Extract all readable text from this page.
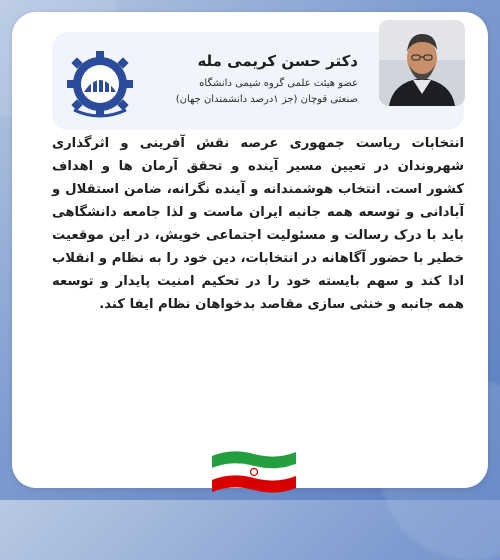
دکتر حسن کریمی مله
عضو هیئت علمی گروه شیمی دانشگاه
صنعتی قوچان (جز ۱درصد دانشمندان جهان)
انتخابات ریاست جمهوری عرصه نقش آفرینی و اثرگذاری شهروندان در تعیین مسیر آینده و تحقق آرمان ها و اهداف کشور است. انتخاب هوشمندانه و آینده نگرانه، ضامن استقلال و آبادانی و توسعه همه جانبه ایران ماست و لذا جامعه دانشگاهی باید با درک رسالت و مسئولیت اجتماعی خویش، در این موقعیت خطیر با حضور آگاهانه در انتخابات، دین خود را به نظام و انقلاب ادا کند و سهم بایسته خود را در تحکیم امنیت پایدار و توسعه همه جانبه و خنثی سازی مقاصد بدخواهان نظام ایفا کند.
